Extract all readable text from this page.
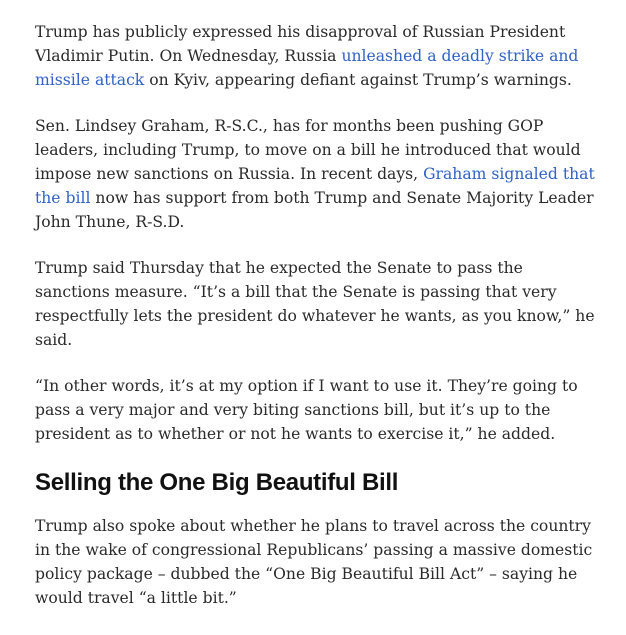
Trump has publicly expressed his disapproval of Russian President Vladimir Putin. On Wednesday, Russia unleashed a deadly strike and missile attack on Kyiv, appearing defiant against Trump’s warnings.

Sen. Lindsey Graham, R-S.C., has for months been pushing GOP leaders, including Trump, to move on a bill he introduced that would impose new sanctions on Russia. In recent days, Graham signaled that the bill now has support from both Trump and Senate Majority Leader John Thune, R-S.D.

Trump said Thursday that he expected the Senate to pass the sanctions measure. “It’s a bill that the Senate is passing that very respectfully lets the president do whatever he wants, as you know,” he said.

“In other words, it’s at my option if I want to use it. They’re going to pass a very major and very biting sanctions bill, but it’s up to the president as to whether or not he wants to exercise it,” he added.

Selling the One Big Beautiful Bill

Trump also spoke about whether he plans to travel across the country in the wake of congressional Republicans’ passing a massive domestic policy package – dubbed the “One Big Beautiful Bill Act” – saying he would travel “a little bit.”
